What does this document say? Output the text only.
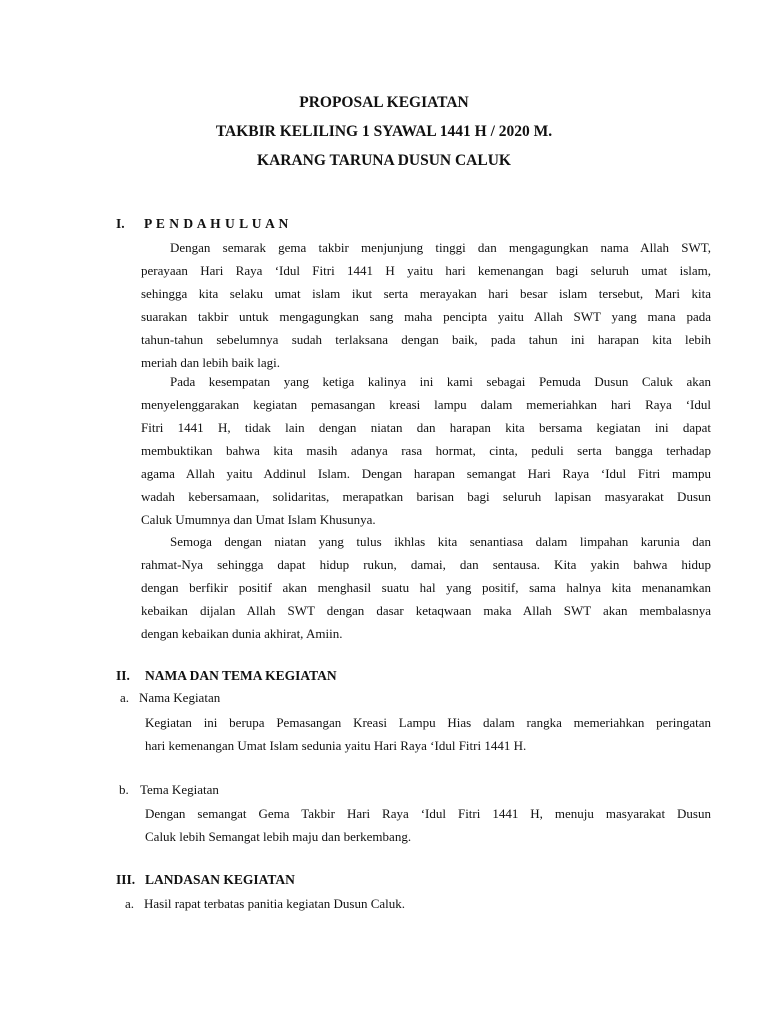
PROPOSAL KEGIATAN
TAKBIR KELILING 1 SYAWAL 1441 H / 2020 M.
KARANG TARUNA DUSUN CALUK
I. P E N D A H U L U A N
Dengan semarak gema takbir menjunjung tinggi dan mengagungkan nama Allah SWT,
perayaan Hari Raya ‘Idul Fitri 1441 H yaitu hari kemenangan bagi seluruh umat islam,
sehingga kita selaku umat islam ikut serta merayakan hari besar islam tersebut, Mari kita
suarakan takbir untuk mengagungkan sang maha pencipta yaitu Allah SWT yang mana pada
tahun-tahun sebelumnya sudah terlaksana dengan baik, pada tahun ini harapan kita lebih
meriah dan lebih baik lagi.
Pada kesempatan yang ketiga kalinya ini kami sebagai Pemuda Dusun Caluk akan
menyelenggarakan kegiatan pemasangan kreasi lampu dalam memeriahkan hari Raya ‘Idul
Fitri 1441 H, tidak lain dengan niatan dan harapan kita bersama kegiatan ini dapat
membuktikan bahwa kita masih adanya rasa hormat, cinta, peduli serta bangga terhadap
agama Allah yaitu Addinul Islam. Dengan harapan semangat Hari Raya ‘Idul Fitri mampu
wadah kebersamaan, solidaritas, merapatkan barisan bagi seluruh lapisan masyarakat Dusun
Caluk Umumnya dan Umat Islam Khusunya.
Semoga dengan niatan yang tulus ikhlas kita senantiasa dalam limpahan karunia dan
rahmat-Nya sehingga dapat hidup rukun, damai, dan sentausa. Kita yakin bahwa hidup
dengan berfikir positif akan menghasil suatu hal yang positif, sama halnya kita menanamkan
kebaikan dijalan Allah SWT dengan dasar ketaqwaan maka Allah SWT akan membalasnya
dengan kebaikan dunia akhirat, Amiin.
II. NAMA DAN TEMA KEGIATAN
a. Nama Kegiatan
Kegiatan ini berupa Pemasangan Kreasi Lampu Hias dalam rangka memeriahkan peringatan
hari kemenangan Umat Islam sedunia yaitu Hari Raya ‘Idul Fitri 1441 H.
b. Tema Kegiatan
Dengan semangat Gema Takbir Hari Raya ‘Idul Fitri 1441 H, menuju masyarakat Dusun
Caluk lebih Semangat lebih maju dan berkembang.
III. LANDASAN KEGIATAN
a. Hasil rapat terbatas panitia kegiatan Dusun Caluk.
